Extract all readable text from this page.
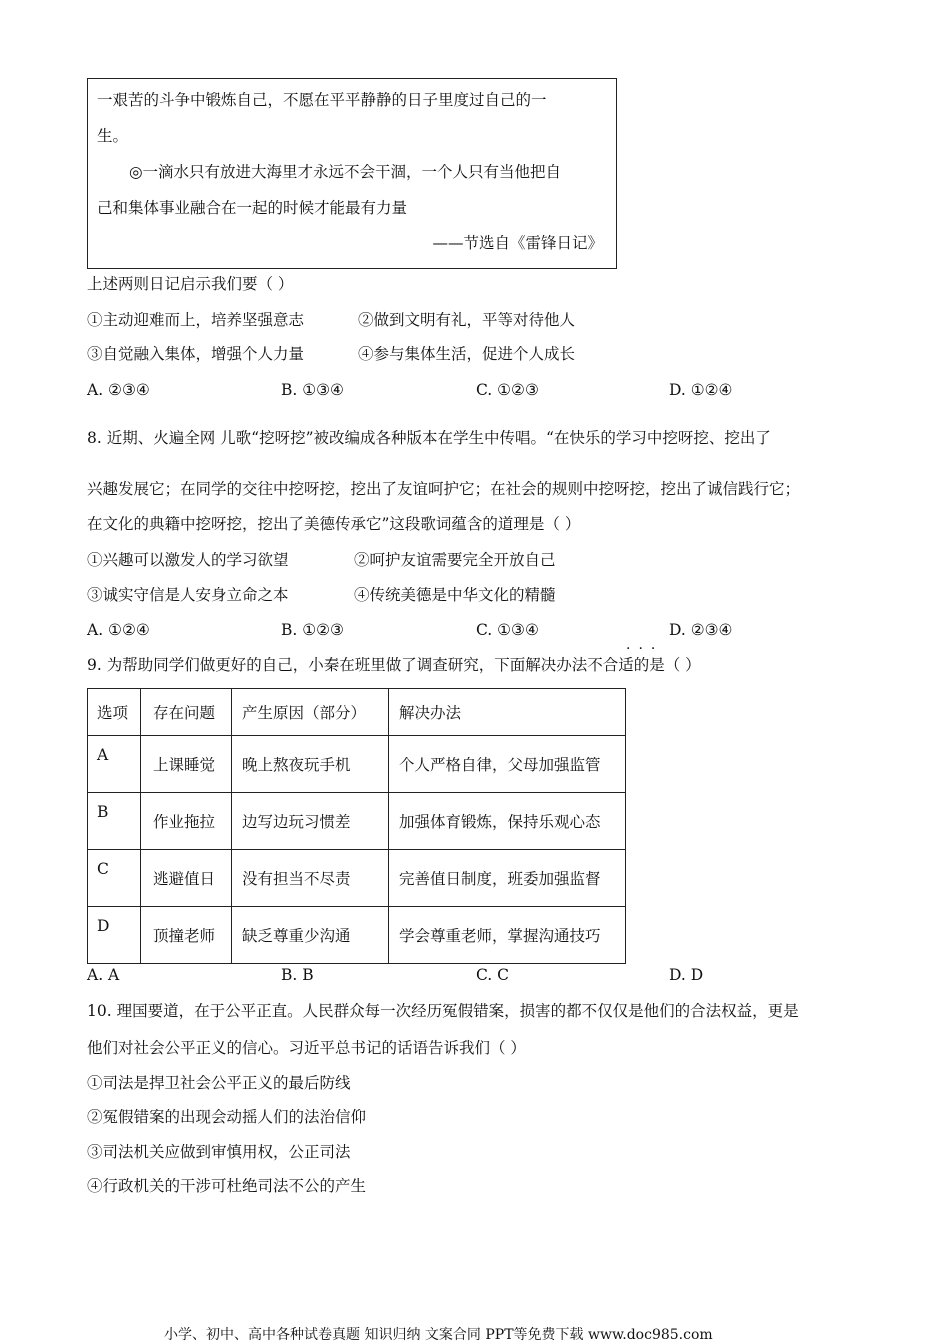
一艰苦的斗争中锻炼自己，不愿在平平静静的日子里度过自己的一
生。
◎一滴水只有放进大海里才永远不会干涸，一个人只有当他把自
己和集体事业融合在一起的时候才能最有力量
——节选自《雷锋日记》
上述两则日记启示我们要（ ）
①主动迎难而上，培养坚强意志	②做到文明有礼，平等对待他人
③自觉融入集体，增强个人力量	④参与集体生活，促进个人成长
A. ②③④	B. ①③④	C. ①②③	D. ①②④
8. 近期、火遍全网 儿歌“挖呀挖”被改编成各种版本在学生中传唱。“在快乐的学习中挖呀挖、挖出了
兴趣发展它；在同学的交往中挖呀挖，挖出了友谊呵护它；在社会的规则中挖呀挖，挖出了诚信践行它；
在文化的典籍中挖呀挖，挖出了美德传承它”这段歌词蕴含的道理是（ ）
①兴趣可以激发人的学习欲望	②呵护友谊需要完全开放自己
③诚实守信是人安身立命之本	④传统美德是中华文化的精髓
A. ①②④	B. ①②③	C. ①③④	D. ②③④
···
9. 为帮助同学们做更好的自己，小秦在班里做了调查研究，下面解决办法不合适的是（ ）
选项	存在问题	产生原因（部分）	解决办法
A	上课睡觉	晚上熬夜玩手机	个人严格自律，父母加强监管
B	作业拖拉	边写边玩习惯差	加强体育锻炼，保持乐观心态
C	逃避值日	没有担当不尽责	完善值日制度，班委加强监督
D	顶撞老师	缺乏尊重少沟通	学会尊重老师，掌握沟通技巧
A. A	B. B	C. C	D. D
10. 理国要道，在于公平正直。人民群众每一次经历冤假错案，损害的都不仅仅是他们的合法权益，更是
他们对社会公平正义的信心。习近平总书记的话语告诉我们（ ）
①司法是捍卫社会公平正义的最后防线
②冤假错案的出现会动摇人们的法治信仰
③司法机关应做到审慎用权，公正司法
④行政机关的干涉可杜绝司法不公的产生
小学、初中、高中各种试卷真题 知识归纳 文案合同 PPT等免费下载 www.doc985.com
